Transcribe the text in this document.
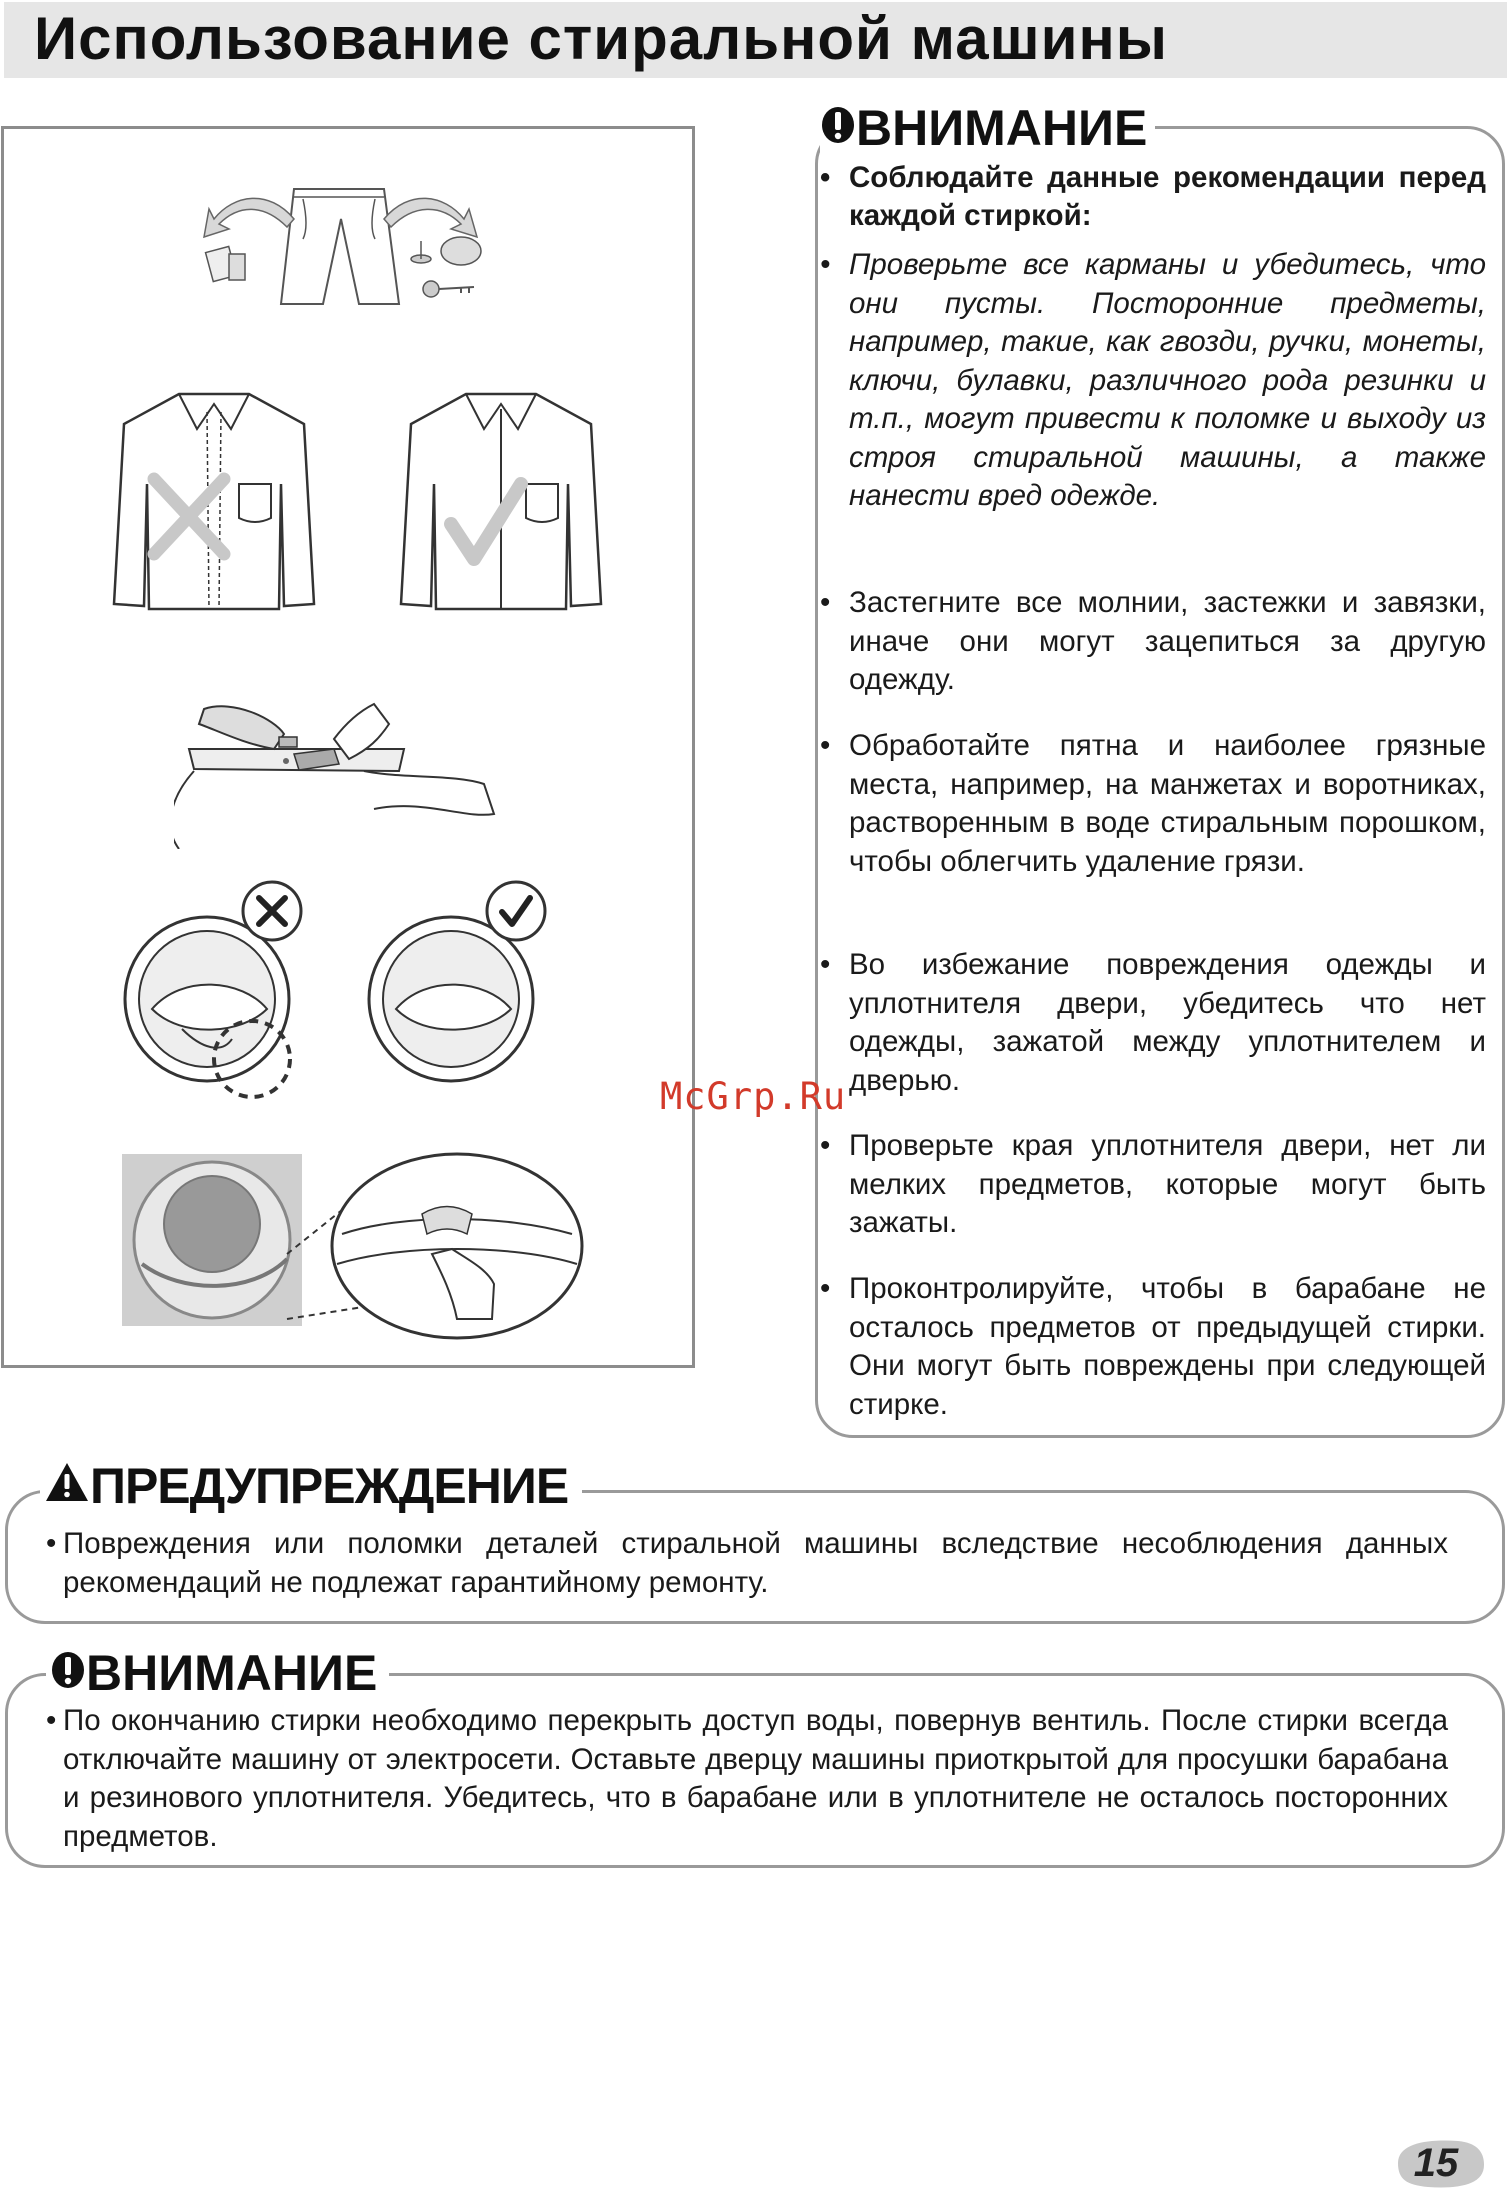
Использование стиральной машины
ВНИМАНИЕ
• Соблюдайте данные рекомендации перед каждой стиркой:
• Проверьте все карманы и убедитесь, что они пусты. Посторонние предметы, например, такие, как гвозди, ручки, монеты, ключи, булавки, различного рода резинки и т.п., могут привести к поломке и выходу из строя стиральной машины, а также нанести вред одежде.
• Застегните все молнии, застежки и завязки, иначе они могут зацепиться за другую одежду.
• Обработайте пятна и наиболее грязные места, например, на манжетах и воротниках, растворенным в воде стиральным порошком, чтобы облегчить удаление грязи.
• Во избежание повреждения одежды и уплотнителя двери, убедитесь что нет одежды, зажатой между уплотнителем и дверью.
• Проверьте края уплотнителя двери, нет ли мелких предметов, которые могут быть зажаты.
• Проконтролируйте, чтобы в барабане не осталось предметов от предыдущей стирки. Они могут быть повреждены при следующей стирке.
McGrp.Ru
ПРЕДУПРЕЖДЕНИЕ
• Повреждения или поломки деталей стиральной машины вследствие несоблюдения данных рекомендаций не подлежат гарантийному ремонту.
ВНИМАНИЕ
• По окончанию стирки необходимо перекрыть доступ воды, повернув вентиль. После стирки всегда отключайте машину от электросети. Оставьте дверцу машины приоткрытой для просушки барабана и резинового уплотнителя. Убедитесь, что в барабане или в уплотнителе не осталось посторонних предметов.
15
